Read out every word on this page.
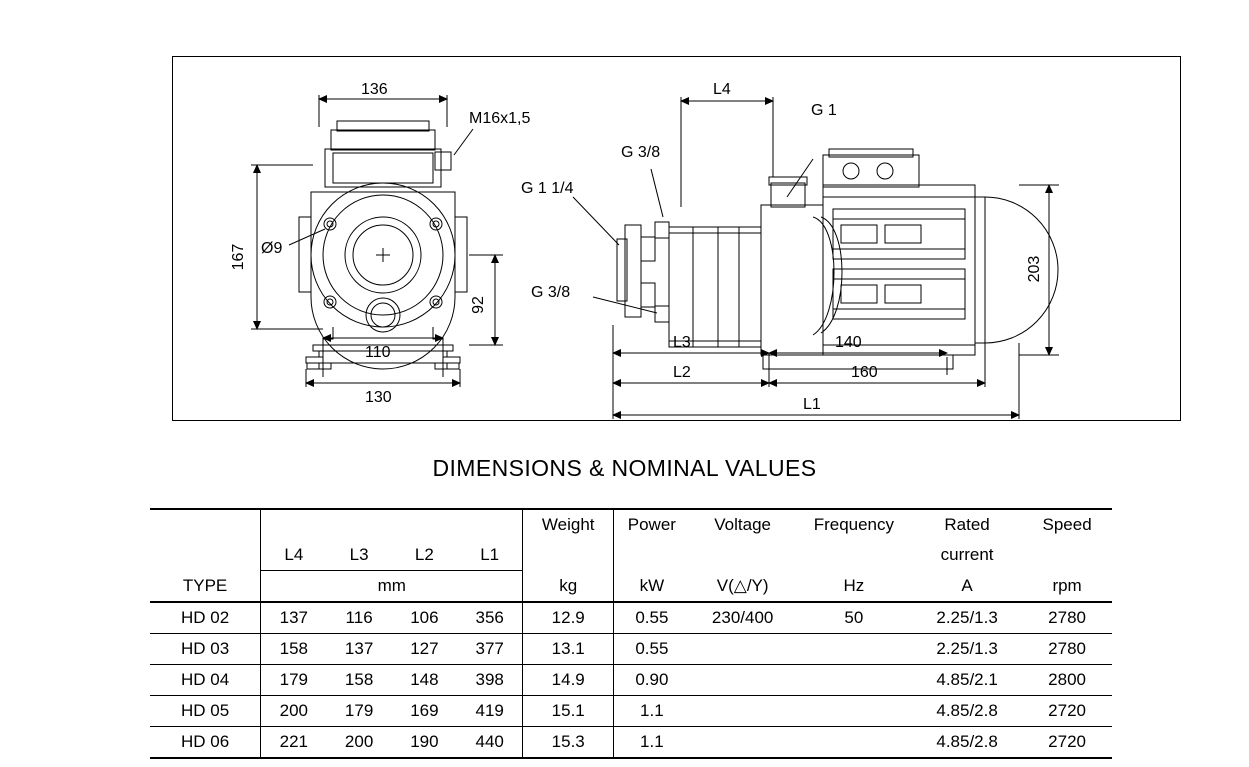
136
M16x1,5
167 Ø9
92
110
130
L4
G 1
G 3/8
G 1 1/4
G 3/8
203
L3	140
L2	160
L1
DIMENSIONS & NOMINAL VALUES
					Weight	Power	Voltage	Frequency	Rated	Speed
	L4	L3	L2	L1					current	
TYPE	mm				kg	kW	V(△/Y)	Hz	A	rpm
HD 02	137	116	106	356	12.9	0.55	230/400	50	2.25/1.3	2780
HD 03	158	137	127	377	13.1	0.55			2.25/1.3	2780
HD 04	179	158	148	398	14.9	0.90			4.85/2.1	2800
HD 05	200	179	169	419	15.1	1.1			4.85/2.8	2720
HD 06	221	200	190	440	15.3	1.1			4.85/2.8	2720
